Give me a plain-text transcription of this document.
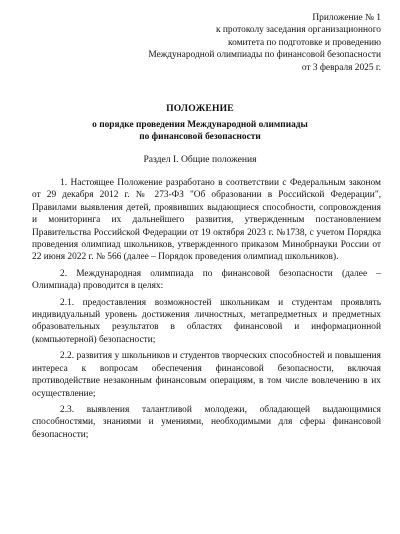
Приложение № 1
к протоколу заседания организационного
комитета по подготовке и проведению
Международной олимпиады по финансовой безопасности
от 3 февраля 2025 г.
ПОЛОЖЕНИЕ
о порядке проведения Международной олимпиады
по финансовой безопасности
Раздел I. Общие положения

1. Настоящее Положение разработано в соответствии с Федеральным законом от 29 декабря 2012 г. № 273-ФЗ "Об образовании в Российской Федерации", Правилами выявления детей, проявивших выдающиеся способности, сопровождения и мониторинга их дальнейшего развития, утвержденным постановлением Правительства Российской Федерации от 19 октября 2023 г. №1738, с учетом Порядка проведения олимпиад школьников, утвержденного приказом Минобрнауки России от 22 июня 2022 г. № 566 (далее – Порядок проведения олимпиад школьников).

2. Международная олимпиада по финансовой безопасности (далее – Олимпиада) проводится в целях:

2.1. предоставления возможностей школьникам и студентам проявлять индивидуальный уровень достижения личностных, метапредметных и предметных образовательных результатов в областях финансовой и информационной (компьютерной) безопасности;

2.2. развития у школьников и студентов творческих способностей и повышения интереса к вопросам обеспечения финансовой безопасности, включая противодействие незаконным финансовым операциям, в том числе вовлечению в их осуществление;

2.3. выявления талантливой молодежи, обладающей выдающимися способностями, знаниями и умениями, необходимыми для сферы финансовой безопасности;
